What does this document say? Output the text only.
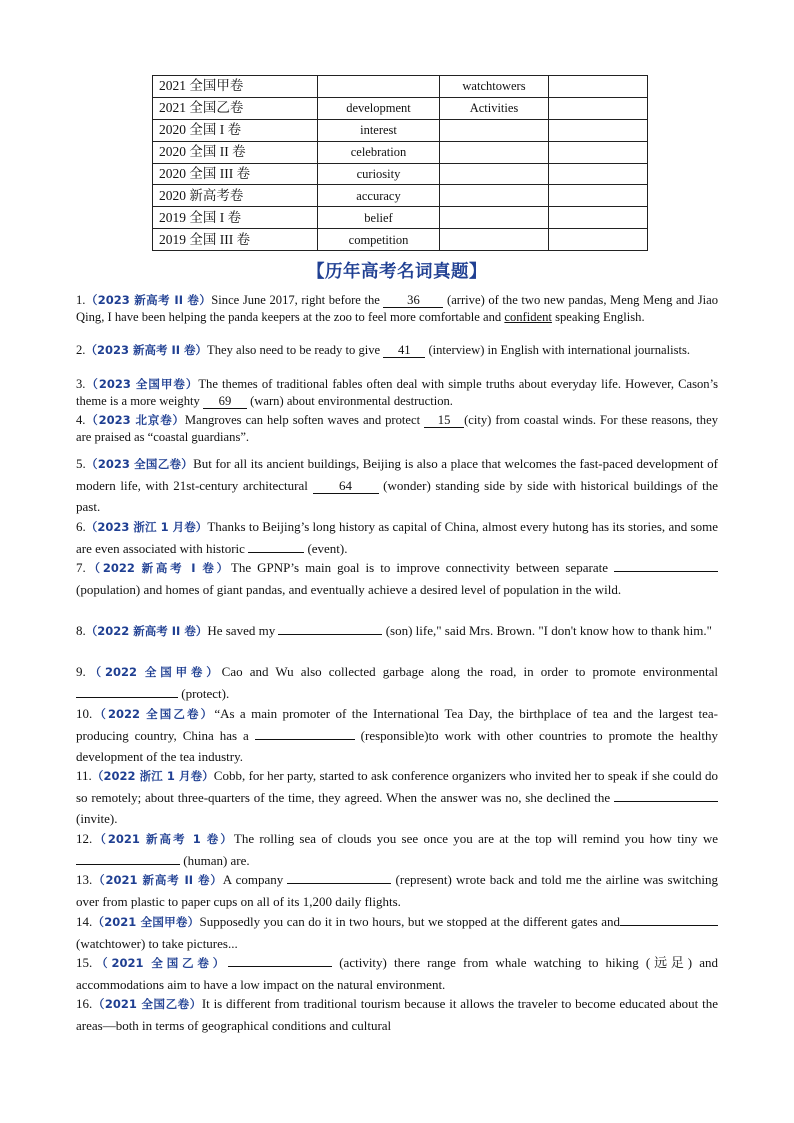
2021 全国甲卷		watchtowers	
2021 全国乙卷	development	Activities	
2020 全国 I 卷	interest		
2020 全国 II 卷	celebration		
2020 全国 III 卷	curiosity		
2020 新高考卷	accuracy		
2019 全国 I 卷	belief		
2019 全国 III 卷	competition		
【历年高考名词真题】
1.（2023 新高考 II 卷）Since June 2017, right before the 36 (arrive) of the two new pandas, Meng Meng and Jiao Qing, I have been helping the panda keepers at the zoo to feel more comfortable and confident speaking English.
2.（2023 新高考 II 卷）They also need to be ready to give 41 (interview) in English with international journalists.
3.（2023 全国甲卷）The themes of traditional fables often deal with simple truths about everyday life. However, Cason’s theme is a more weighty 69 (warn) about environmental destruction.
4.（2023 北京卷）Mangroves can help soften waves and protect 15 (city) from coastal winds. For these reasons, they are praised as “coastal guardians”.
5.（2023 全国乙卷）But for all its ancient buildings, Beijing is also a place that welcomes the fast-paced development of modern life, with 21st-century architectural 64 (wonder) standing side by side with historical buildings of the past.
6.（2023 浙江 1 月卷）Thanks to Beijing’s long history as capital of China, almost every hutong has its stories, and some are even associated with historic	(event).
7.（2022 新高考 I 卷）The GPNP’s main goal is to improve connectivity between separate  (population) and homes of giant pandas, and eventually achieve a desired level of population in the wild.
8.（2022 新高考 II 卷）He saved my	(son) life," said Mrs. Brown. "I don't know how to thank him."
9.（2022 全国甲卷）Cao and Wu also collected garbage along the road, in order to promote environmental  (protect).
10.（2022 全国乙卷）“As a main promoter of the International Tea Day, the birthplace of tea and the largest tea-producing country, China has a	(responsible)to work with other countries to promote the healthy development of the tea industry.
11.（2022 浙江 1 月卷）Cobb, for her party, started to ask conference organizers who invited her to speak if she could do so remotely; about three-quarters of the time, they agreed. When the answer was no, she declined the  (invite).
12.（2021 新高考 1 卷）The rolling sea of clouds you see once you are at the top will remind you how tiny we  (human) are.
13.（2021 新高考 II 卷）A company	(represent) wrote back and told me the airline was switching over from plastic to paper cups on all of its 1,200 daily flights.
14.（2021 全国甲卷）Supposedly you can do it in two hours, but we stopped at the different gates and (watchtower) to take pictures...
15.（2021 全国乙卷）	(activity) there range from whale watching to hiking (远足) and accommodations aim to have a low impact on the natural environment.
16.（2021 全国乙卷）It is different from traditional tourism because it allows the traveler to become educated about the areas—both in terms of geographical conditions and cultural
